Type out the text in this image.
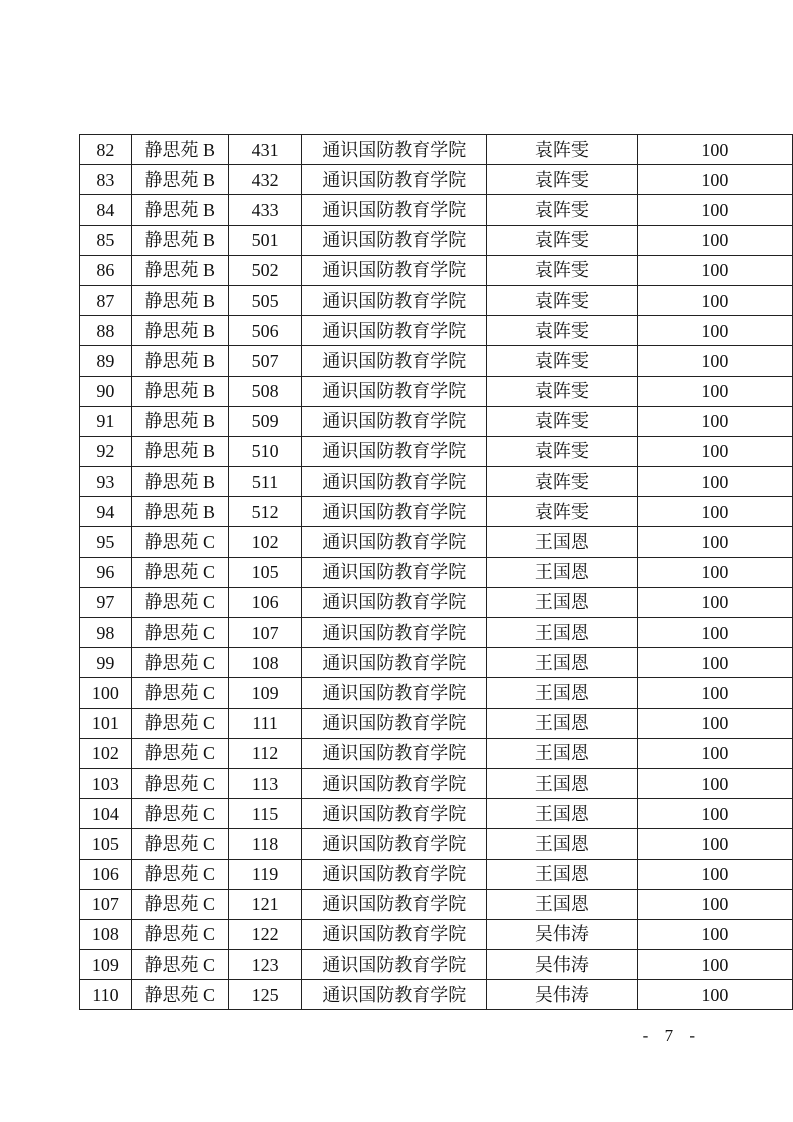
82	静思苑 B	431	通识国防教育学院	袁阵雯	100
83	静思苑 B	432	通识国防教育学院	袁阵雯	100
84	静思苑 B	433	通识国防教育学院	袁阵雯	100
85	静思苑 B	501	通识国防教育学院	袁阵雯	100
86	静思苑 B	502	通识国防教育学院	袁阵雯	100
87	静思苑 B	505	通识国防教育学院	袁阵雯	100
88	静思苑 B	506	通识国防教育学院	袁阵雯	100
89	静思苑 B	507	通识国防教育学院	袁阵雯	100
90	静思苑 B	508	通识国防教育学院	袁阵雯	100
91	静思苑 B	509	通识国防教育学院	袁阵雯	100
92	静思苑 B	510	通识国防教育学院	袁阵雯	100
93	静思苑 B	511	通识国防教育学院	袁阵雯	100
94	静思苑 B	512	通识国防教育学院	袁阵雯	100
95	静思苑 C	102	通识国防教育学院	王国恩	100
96	静思苑 C	105	通识国防教育学院	王国恩	100
97	静思苑 C	106	通识国防教育学院	王国恩	100
98	静思苑 C	107	通识国防教育学院	王国恩	100
99	静思苑 C	108	通识国防教育学院	王国恩	100
100	静思苑 C	109	通识国防教育学院	王国恩	100
101	静思苑 C	111	通识国防教育学院	王国恩	100
102	静思苑 C	112	通识国防教育学院	王国恩	100
103	静思苑 C	113	通识国防教育学院	王国恩	100
104	静思苑 C	115	通识国防教育学院	王国恩	100
105	静思苑 C	118	通识国防教育学院	王国恩	100
106	静思苑 C	119	通识国防教育学院	王国恩	100
107	静思苑 C	121	通识国防教育学院	王国恩	100
108	静思苑 C	122	通识国防教育学院	吴伟涛	100
109	静思苑 C	123	通识国防教育学院	吴伟涛	100
110	静思苑 C	125	通识国防教育学院	吴伟涛	100
- 7 -
